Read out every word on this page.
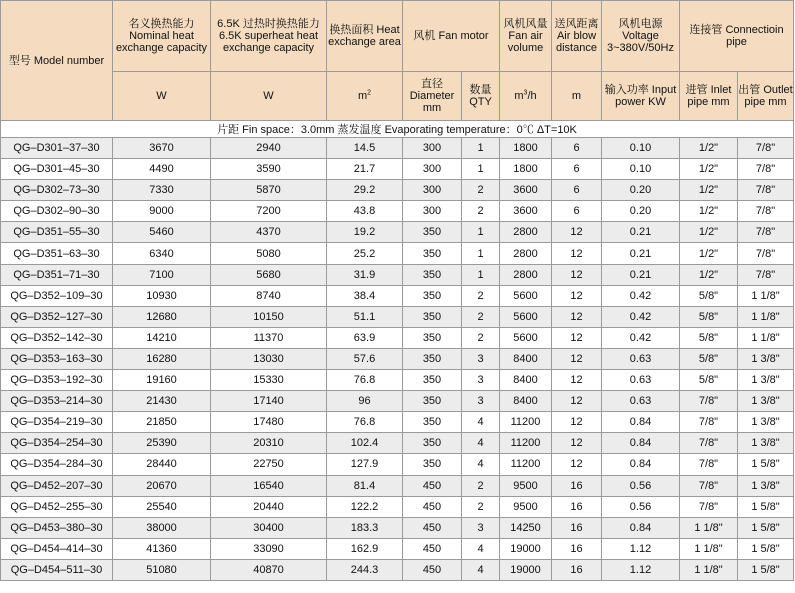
型号 Model number	名义换热能力 Nominal heat exchange capacity	6.5K 过热时换热能力 6.5K superheat heat exchange capacity	换热面积 Heat exchange area	风机 Fan motor		风机风量 Fan air volume	送风距离 Air blow distance	风机电源 Voltage 3~380V/50Hz	连接管 Connectioin pipe	
	W	W	$m^2$	直径 Diameter mm	数量 QTY	$m^3/h$	m	输入功率 Input power KW	进管 Inlet pipe mm	出管 Outlet pipe mm
片距 Fin space：3.0mm 蒸发温度 Evaporating temperature：0℃ ΔT=10K										
QG–D301–37–30	3670	2940	14.5	300	1	1800	6	0.10	1/2"	7/8"
QG–D301–45–30	4490	3590	21.7	300	1	1800	6	0.10	1/2"	7/8"
QG–D302–73–30	7330	5870	29.2	300	2	3600	6	0.20	1/2"	7/8"
QG–D302–90–30	9000	7200	43.8	300	2	3600	6	0.20	1/2"	7/8"
QG–D351–55–30	5460	4370	19.2	350	1	2800	12	0.21	1/2"	7/8"
QG–D351–63–30	6340	5080	25.2	350	1	2800	12	0.21	1/2"	7/8"
QG–D351–71–30	7100	5680	31.9	350	1	2800	12	0.21	1/2"	7/8"
QG–D352–109–30	10930	8740	38.4	350	2	5600	12	0.42	5/8"	1 1/8"
QG–D352–127–30	12680	10150	51.1	350	2	5600	12	0.42	5/8"	1 1/8"
QG–D352–142–30	14210	11370	63.9	350	2	5600	12	0.42	5/8"	1 1/8"
QG–D353–163–30	16280	13030	57.6	350	3	8400	12	0.63	5/8"	1 3/8"
QG–D353–192–30	19160	15330	76.8	350	3	8400	12	0.63	5/8"	1 3/8"
QG–D353–214–30	21430	17140	96	350	3	8400	12	0.63	7/8"	1 3/8"
QG–D354–219–30	21850	17480	76.8	350	4	11200	12	0.84	7/8"	1 3/8"
QG–D354–254–30	25390	20310	102.4	350	4	11200	12	0.84	7/8"	1 3/8"
QG–D354–284–30	28440	22750	127.9	350	4	11200	12	0.84	7/8"	1 5/8"
QG–D452–207–30	20670	16540	81.4	450	2	9500	16	0.56	7/8"	1 3/8"
QG–D452–255–30	25540	20440	122.2	450	2	9500	16	0.56	7/8"	1 5/8"
QG–D453–380–30	38000	30400	183.3	450	3	14250	16	0.84	1 1/8"	1 5/8"
QG–D454–414–30	41360	33090	162.9	450	4	19000	16	1.12	1 1/8"	1 5/8"
QG–D454–511–30	51080	40870	244.3	450	4	19000	16	1.12	1 1/8"	1 5/8"
